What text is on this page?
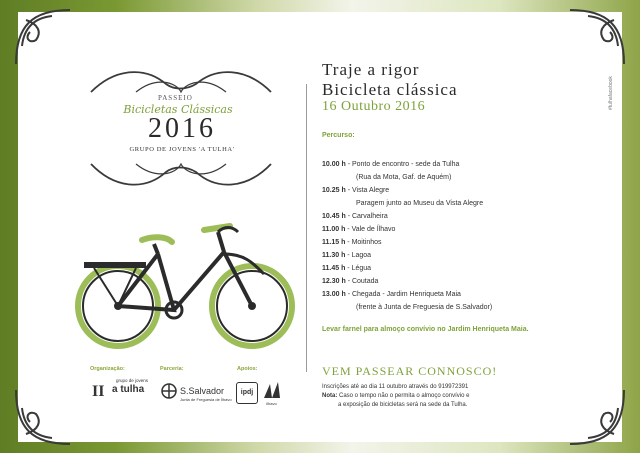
PASSEIO
Bicicletas Clássicas
2016
GRUPO DE JOVENS 'A TULHA'
Organização:	Parceria:	Apoios:
II a tulha
grupo de jovens
S.Salvador
Junta de Freguesia de Ílhavo
ipdj
ílhavo
Traje a rigor
Bicicleta clássica
16 Outubro 2016
Percurso:
10.00 h - Ponto de encontro - sede da Tulha
(Rua da Mota, Gaf. de Aquém)
10.25 h - Vista Alegre
Paragem junto ao Museu da Vista Alegre
10.45 h - Carvalheira
11.00 h - Vale de Ílhavo
11.15 h - Moitinhos
11.30 h - Lagoa
11.45 h - Légua
12.30 h - Coutada
13.00 h - Chegada - Jardim Henriqueta Maia
(frente à Junta de Freguesia de S.Salvador)
Levar farnel para almoço convívio no Jardim Henriqueta Maia.
VEM PASSEAR CONNOSCO!
Inscrições até ao dia 11 outubro através do 919972391
Nota: Caso o tempo não o permita o almoço convívio e
a exposição de bicicletas será na sede da Tulha.
#tulhafacebook
